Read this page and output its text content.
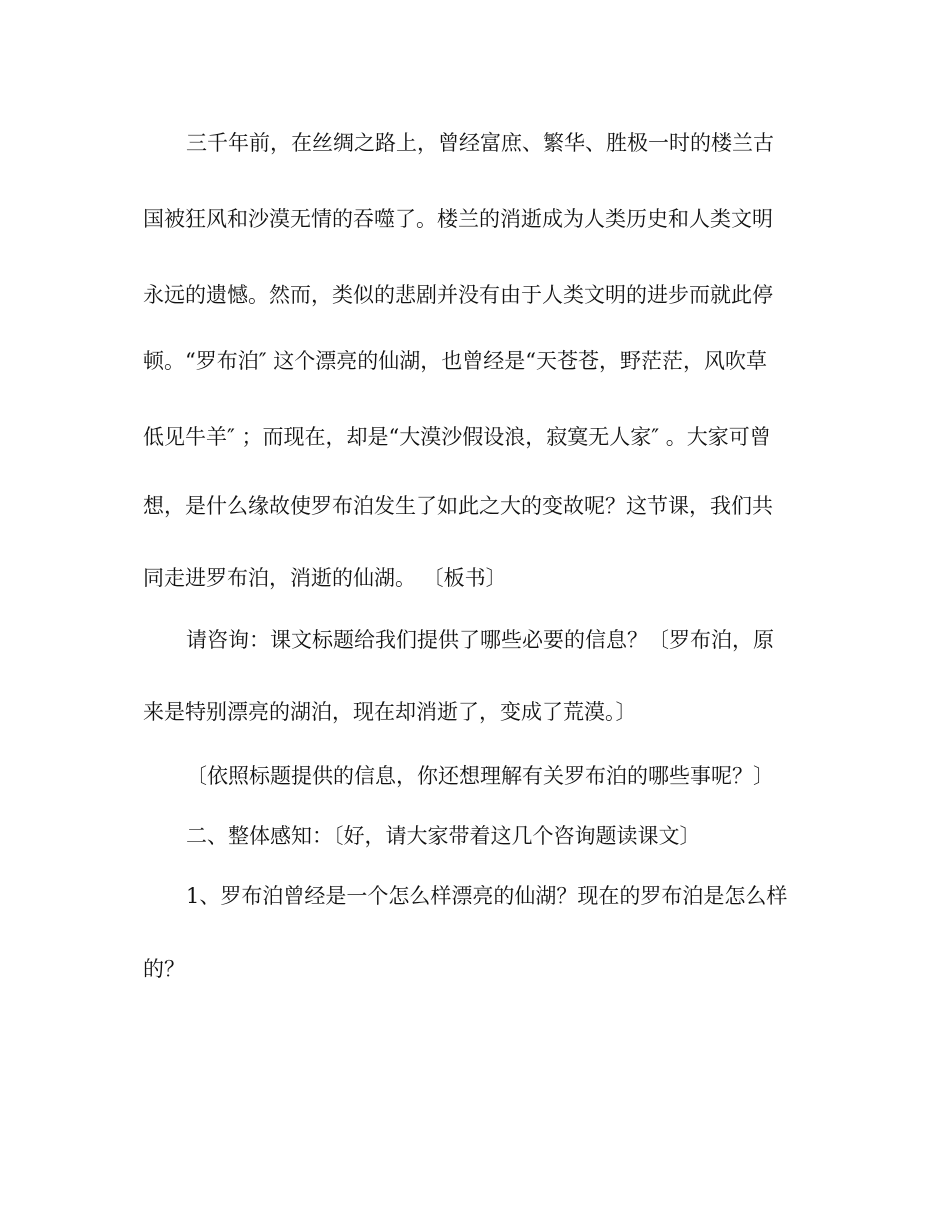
三千年前，在丝绸之路上，曾经富庶、繁华、胜极一时的楼兰古
国被狂风和沙漠无情的吞噬了。楼兰的消逝成为人类历史和人类文明
永远的遗憾。然而，类似的悲剧并没有由于人类文明的进步而就此停
顿。“罗布泊″ 这个漂亮的仙湖，也曾经是“天苍苍，野茫茫，风吹草
低见牛羊″ ；而现在，却是“大漠沙假设浪，寂寞无人家″ 。大家可曾
想，是什么缘故使罗布泊发生了如此之大的变故呢？这节课，我们共
同走进罗布泊，消逝的仙湖。 〔板书〕
请咨询：课文标题给我们提供了哪些必要的信息？〔罗布泊，原
来是特别漂亮的湖泊，现在却消逝了，变成了荒漠。〕
〔依照标题提供的信息，你还想理解有关罗布泊的哪些事呢？〕
二、整体感知：〔好，请大家带着这几个咨询题读课文〕
1、罗布泊曾经是一个怎么样漂亮的仙湖？现在的罗布泊是怎么样
的？
